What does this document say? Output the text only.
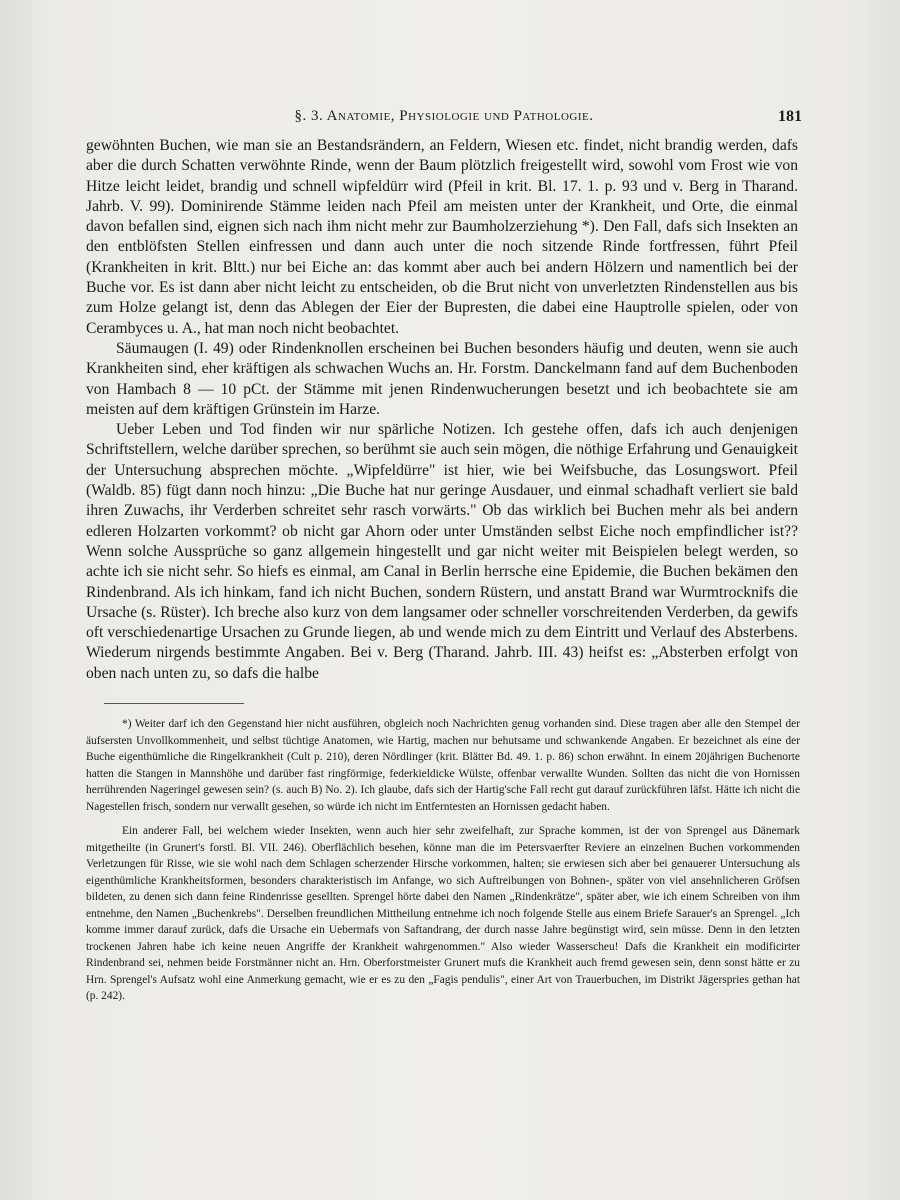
§. 3. Anatomie, Physiologie und Pathologie.	181

gewöhnten Buchen, wie man sie an Bestandsrändern, an Feldern, Wiesen etc. findet, nicht brandig werden, dafs aber die durch Schatten verwöhnte Rinde, wenn der Baum plötzlich freigestellt wird, sowohl vom Frost wie von Hitze leicht leidet, brandig und schnell wipfeldürr wird (Pfeil in krit. Bl. 17. 1. p. 93 und v. Berg in Tharand. Jahrb. V. 99). Dominirende Stämme leiden nach Pfeil am meisten unter der Krankheit, und Orte, die einmal davon befallen sind, eignen sich nach ihm nicht mehr zur Baumholzerziehung *). Den Fall, dafs sich Insekten an den entblöfsten Stellen einfressen und dann auch unter die noch sitzende Rinde fortfressen, führt Pfeil (Krankheiten in krit. Bltt.) nur bei Eiche an: das kommt aber auch bei andern Hölzern und namentlich bei der Buche vor. Es ist dann aber nicht leicht zu entscheiden, ob die Brut nicht von unverletzten Rindenstellen aus bis zum Holze gelangt ist, denn das Ablegen der Eier der Bupresten, die dabei eine Hauptrolle spielen, oder von Cerambyces u. A., hat man noch nicht beobachtet.

Säumaugen (I. 49) oder Rindenknollen erscheinen bei Buchen besonders häufig und deuten, wenn sie auch Krankheiten sind, eher kräftigen als schwachen Wuchs an. Hr. Forstm. Danckelmann fand auf dem Buchenboden von Hambach 8 — 10 pCt. der Stämme mit jenen Rindenwucherungen besetzt und ich beobachtete sie am meisten auf dem kräftigen Grünstein im Harze.

Ueber Leben und Tod finden wir nur spärliche Notizen. Ich gestehe offen, dafs ich auch denjenigen Schriftstellern, welche darüber sprechen, so berühmt sie auch sein mögen, die nöthige Erfahrung und Genauigkeit der Untersuchung absprechen möchte. „Wipfeldürre" ist hier, wie bei Weifsbuche, das Losungswort. Pfeil (Waldb. 85) fügt dann noch hinzu: „Die Buche hat nur geringe Ausdauer, und einmal schadhaft verliert sie bald ihren Zuwachs, ihr Verderben schreitet sehr rasch vorwärts." Ob das wirklich bei Buchen mehr als bei andern edleren Holzarten vorkommt? ob nicht gar Ahorn oder unter Umständen selbst Eiche noch empfindlicher ist?? Wenn solche Aussprüche so ganz allgemein hingestellt und gar nicht weiter mit Beispielen belegt werden, so achte ich sie nicht sehr. So hiefs es einmal, am Canal in Berlin herrsche eine Epidemie, die Buchen bekämen den Rindenbrand. Als ich hinkam, fand ich nicht Buchen, sondern Rüstern, und anstatt Brand war Wurmtrocknifs die Ursache (s. Rüster). Ich breche also kurz von dem langsamer oder schneller vorschreitenden Verderben, da gewifs oft verschiedenartige Ursachen zu Grunde liegen, ab und wende mich zu dem Eintritt und Verlauf des Absterbens. Wiederum nirgends bestimmte Angaben. Bei v. Berg (Tharand. Jahrb. III. 43) heifst es: „Absterben erfolgt von oben nach unten zu, so dafs die halbe

*) Weiter darf ich den Gegenstand hier nicht ausführen, obgleich noch Nachrichten genug vorhanden sind. Diese tragen aber alle den Stempel der äufsersten Unvollkommenheit, und selbst tüchtige Anatomen, wie Hartig, machen nur behutsame und schwankende Angaben. Er bezeichnet als eine der Buche eigenthümliche die Ringelkrankheit (Cult p. 210), deren Nördlinger (krit. Blätter Bd. 49. 1. p. 86) schon erwähnt. In einem 20jährigen Buchenorte hatten die Stangen in Mannshöhe und darüber fast ringförmige, federkieldicke Wülste, offenbar verwallte Wunden. Sollten das nicht die von Hornissen herrührenden Nageringel gewesen sein? (s. auch B) No. 2). Ich glaube, dafs sich der Hartig'sche Fall recht gut darauf zurückführen läfst. Hätte ich nicht die Nagestellen frisch, sondern nur verwallt gesehen, so würde ich nicht im Entferntesten an Hornissen gedacht haben.

Ein anderer Fall, bei welchem wieder Insekten, wenn auch hier sehr zweifelhaft, zur Sprache kommen, ist der von Sprengel aus Dänemark mitgetheilte (in Grunert's forstl. Bl. VII. 246). Oberflächlich besehen, könne man die im Petersvaerfter Reviere an einzelnen Buchen vorkommenden Verletzungen für Risse, wie sie wohl nach dem Schlagen scherzender Hirsche vorkommen, halten; sie erwiesen sich aber bei genauerer Untersuchung als eigenthümliche Krankheitsformen, besonders charakteristisch im Anfange, wo sich Auftreibungen von Bohnen-, später von viel ansehnlicheren Gröfsen bildeten, zu denen sich dann feine Rindenrisse gesellten. Sprengel hörte dabei den Namen „Rindenkrätze", später aber, wie ich einem Schreiben von ihm entnehme, den Namen „Buchenkrebs". Derselben freundlichen Mittheilung entnehme ich noch folgende Stelle aus einem Briefe Sarauer's an Sprengel. „Ich komme immer darauf zurück, dafs die Ursache ein Uebermafs von Saftandrang, der durch nasse Jahre begünstigt wird, sein müsse. Denn in den letzten trockenen Jahren habe ich keine neuen Angriffe der Krankheit wahrgenommen." Also wieder Wasserscheu! Dafs die Krankheit ein modificirter Rindenbrand sei, nehmen beide Forstmänner nicht an. Hrn. Oberforstmeister Grunert mufs die Krankheit auch fremd gewesen sein, denn sonst hätte er zu Hrn. Sprengel's Aufsatz wohl eine Anmerkung gemacht, wie er es zu den „Fagis pendulis", einer Art von Trauerbuchen, im Distrikt Jägerspries gethan hat (p. 242).
